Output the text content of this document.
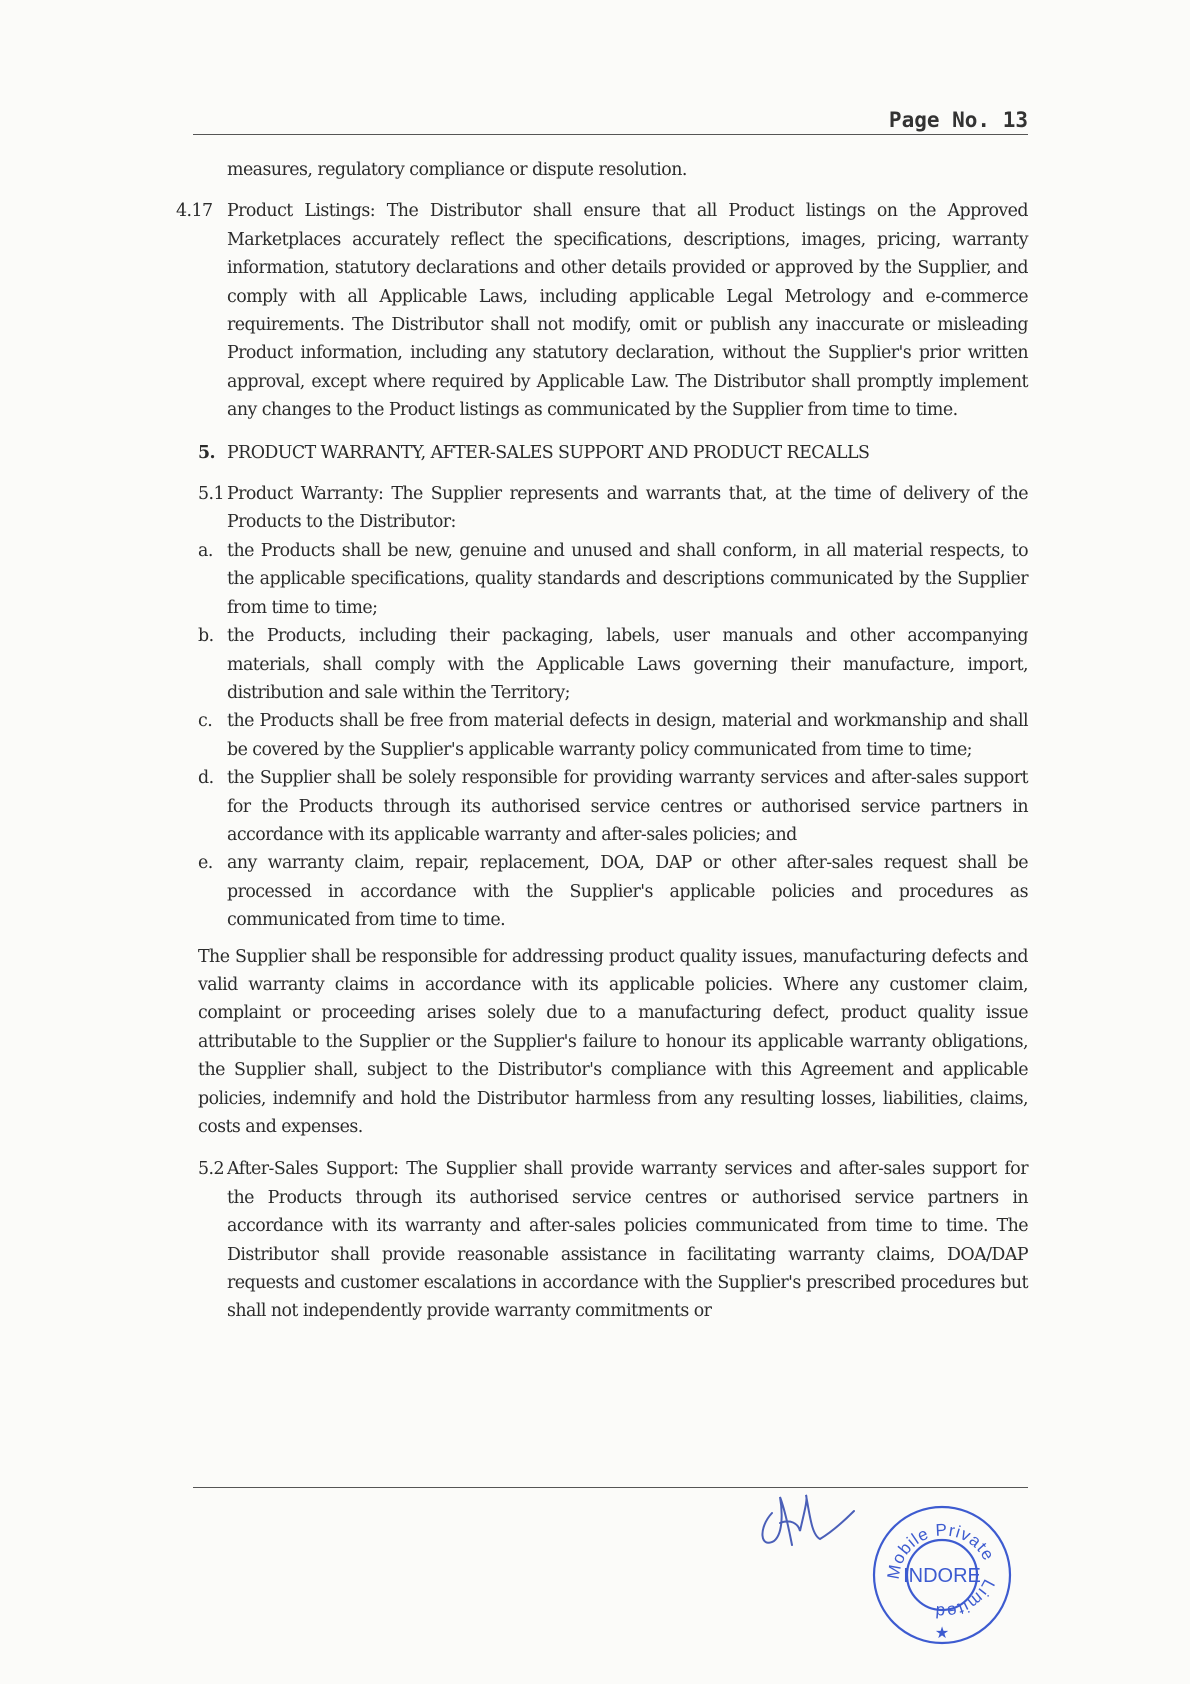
Page No. 13

measures, regulatory compliance or dispute resolution.

4.17 Product Listings: The Distributor shall ensure that all Product listings on the Approved Marketplaces accurately reflect the specifications, descriptions, images, pricing, warranty information, statutory declarations and other details provided or approved by the Supplier, and comply with all Applicable Laws, including applicable Legal Metrology and e-commerce requirements. The Distributor shall not modify, omit or publish any inaccurate or misleading Product information, including any statutory declaration, without the Supplier's prior written approval, except where required by Applicable Law. The Distributor shall promptly implement any changes to the Product listings as communicated by the Supplier from time to time.
5. PRODUCT WARRANTY, AFTER-SALES SUPPORT AND PRODUCT RECALLS
5.1 Product Warranty: The Supplier represents and warrants that, at the time of delivery of the Products to the Distributor:
a. the Products shall be new, genuine and unused and shall conform, in all material respects, to the applicable specifications, quality standards and descriptions communicated by the Supplier from time to time;
b. the Products, including their packaging, labels, user manuals and other accompanying materials, shall comply with the Applicable Laws governing their manufacture, import, distribution and sale within the Territory;
c. the Products shall be free from material defects in design, material and workmanship and shall be covered by the Supplier's applicable warranty policy communicated from time to time;
d. the Supplier shall be solely responsible for providing warranty services and after-sales support for the Products through its authorised service centres or authorised service partners in accordance with its applicable warranty and after-sales policies; and
e. any warranty claim, repair, replacement, DOA, DAP or other after-sales request shall be processed in accordance with the Supplier's applicable policies and procedures as communicated from time to time.

The Supplier shall be responsible for addressing product quality issues, manufacturing defects and valid warranty claims in accordance with its applicable policies. Where any customer claim, complaint or proceeding arises solely due to a manufacturing defect, product quality issue attributable to the Supplier or the Supplier's failure to honour its applicable warranty obligations, the Supplier shall, subject to the Distributor's compliance with this Agreement and applicable policies, indemnify and hold the Distributor harmless from any resulting losses, liabilities, claims, costs and expenses.

5.2 After-Sales Support: The Supplier shall provide warranty services and after-sales support for the Products through its authorised service centres or authorised service partners in accordance with its warranty and after-sales policies communicated from time to time. The Distributor shall provide reasonable assistance in facilitating warranty claims, DOA/DAP requests and customer escalations in accordance with the Supplier's prescribed procedures but shall not independently provide warranty commitments or
Mobile Private
Limited
INDORE
★
